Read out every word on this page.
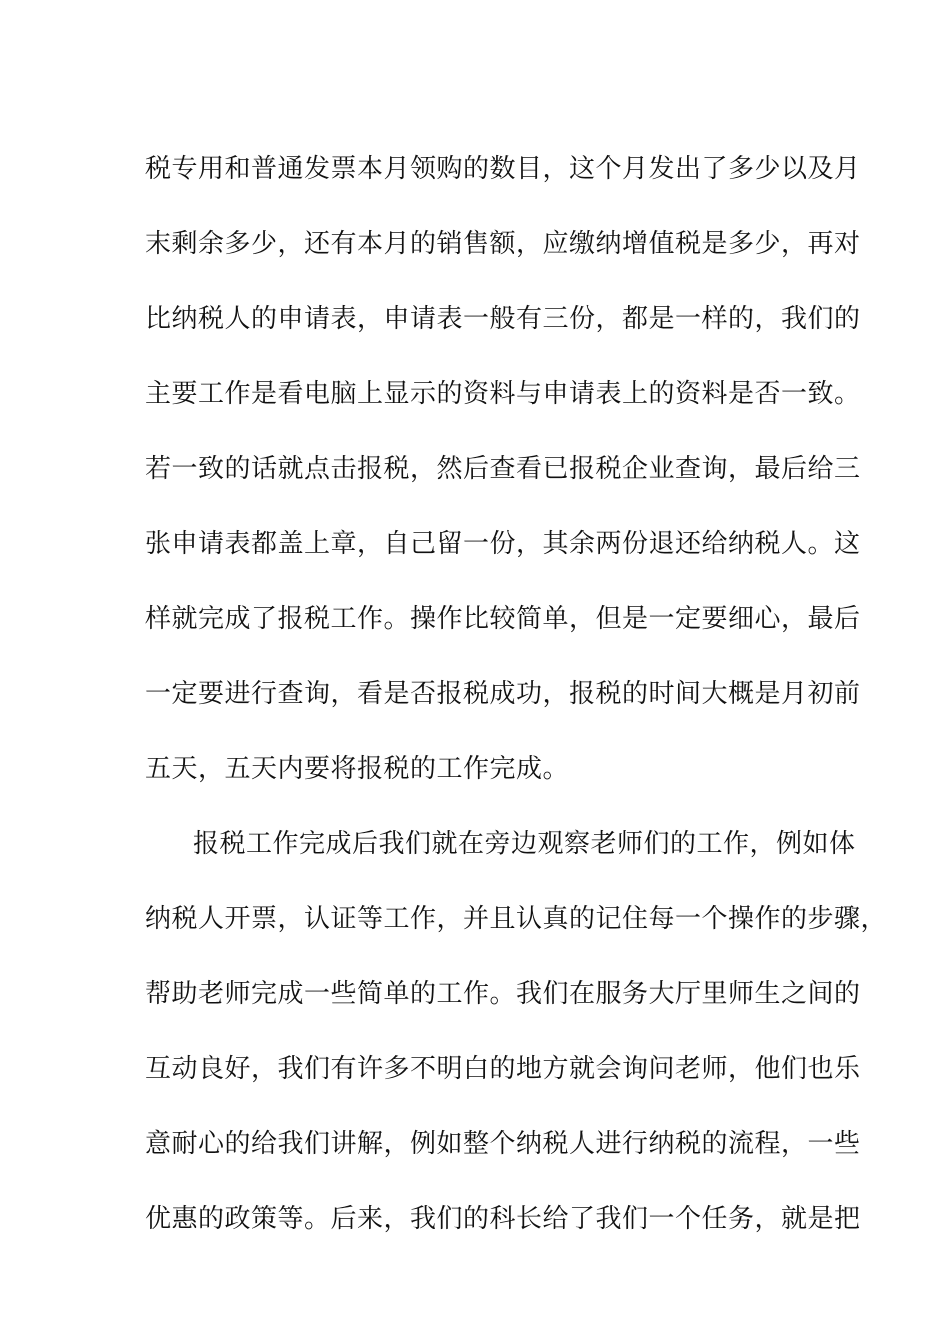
税专用和普通发票本月领购的数目，这个月发出了多少以及月
末剩余多少，还有本月的销售额，应缴纳增值税是多少，再对
比纳税人的申请表，申请表一般有三份，都是一样的，我们的
主要工作是看电脑上显示的资料与申请表上的资料是否一致。
若一致的话就点击报税，然后查看已报税企业查询，最后给三
张申请表都盖上章，自己留一份，其余两份退还给纳税人。这
样就完成了报税工作。操作比较简单，但是一定要细心，最后
一定要进行查询，看是否报税成功，报税的时间大概是月初前
五天，五天内要将报税的工作完成。
报税工作完成后我们就在旁边观察老师们的工作，例如体
纳税人开票，认证等工作，并且认真的记住每一个操作的步骤，
帮助老师完成一些简单的工作。我们在服务大厅里师生之间的
互动良好，我们有许多不明白的地方就会询问老师，他们也乐
意耐心的给我们讲解，例如整个纳税人进行纳税的流程，一些
优惠的政策等。后来，我们的科长给了我们一个任务，就是把
